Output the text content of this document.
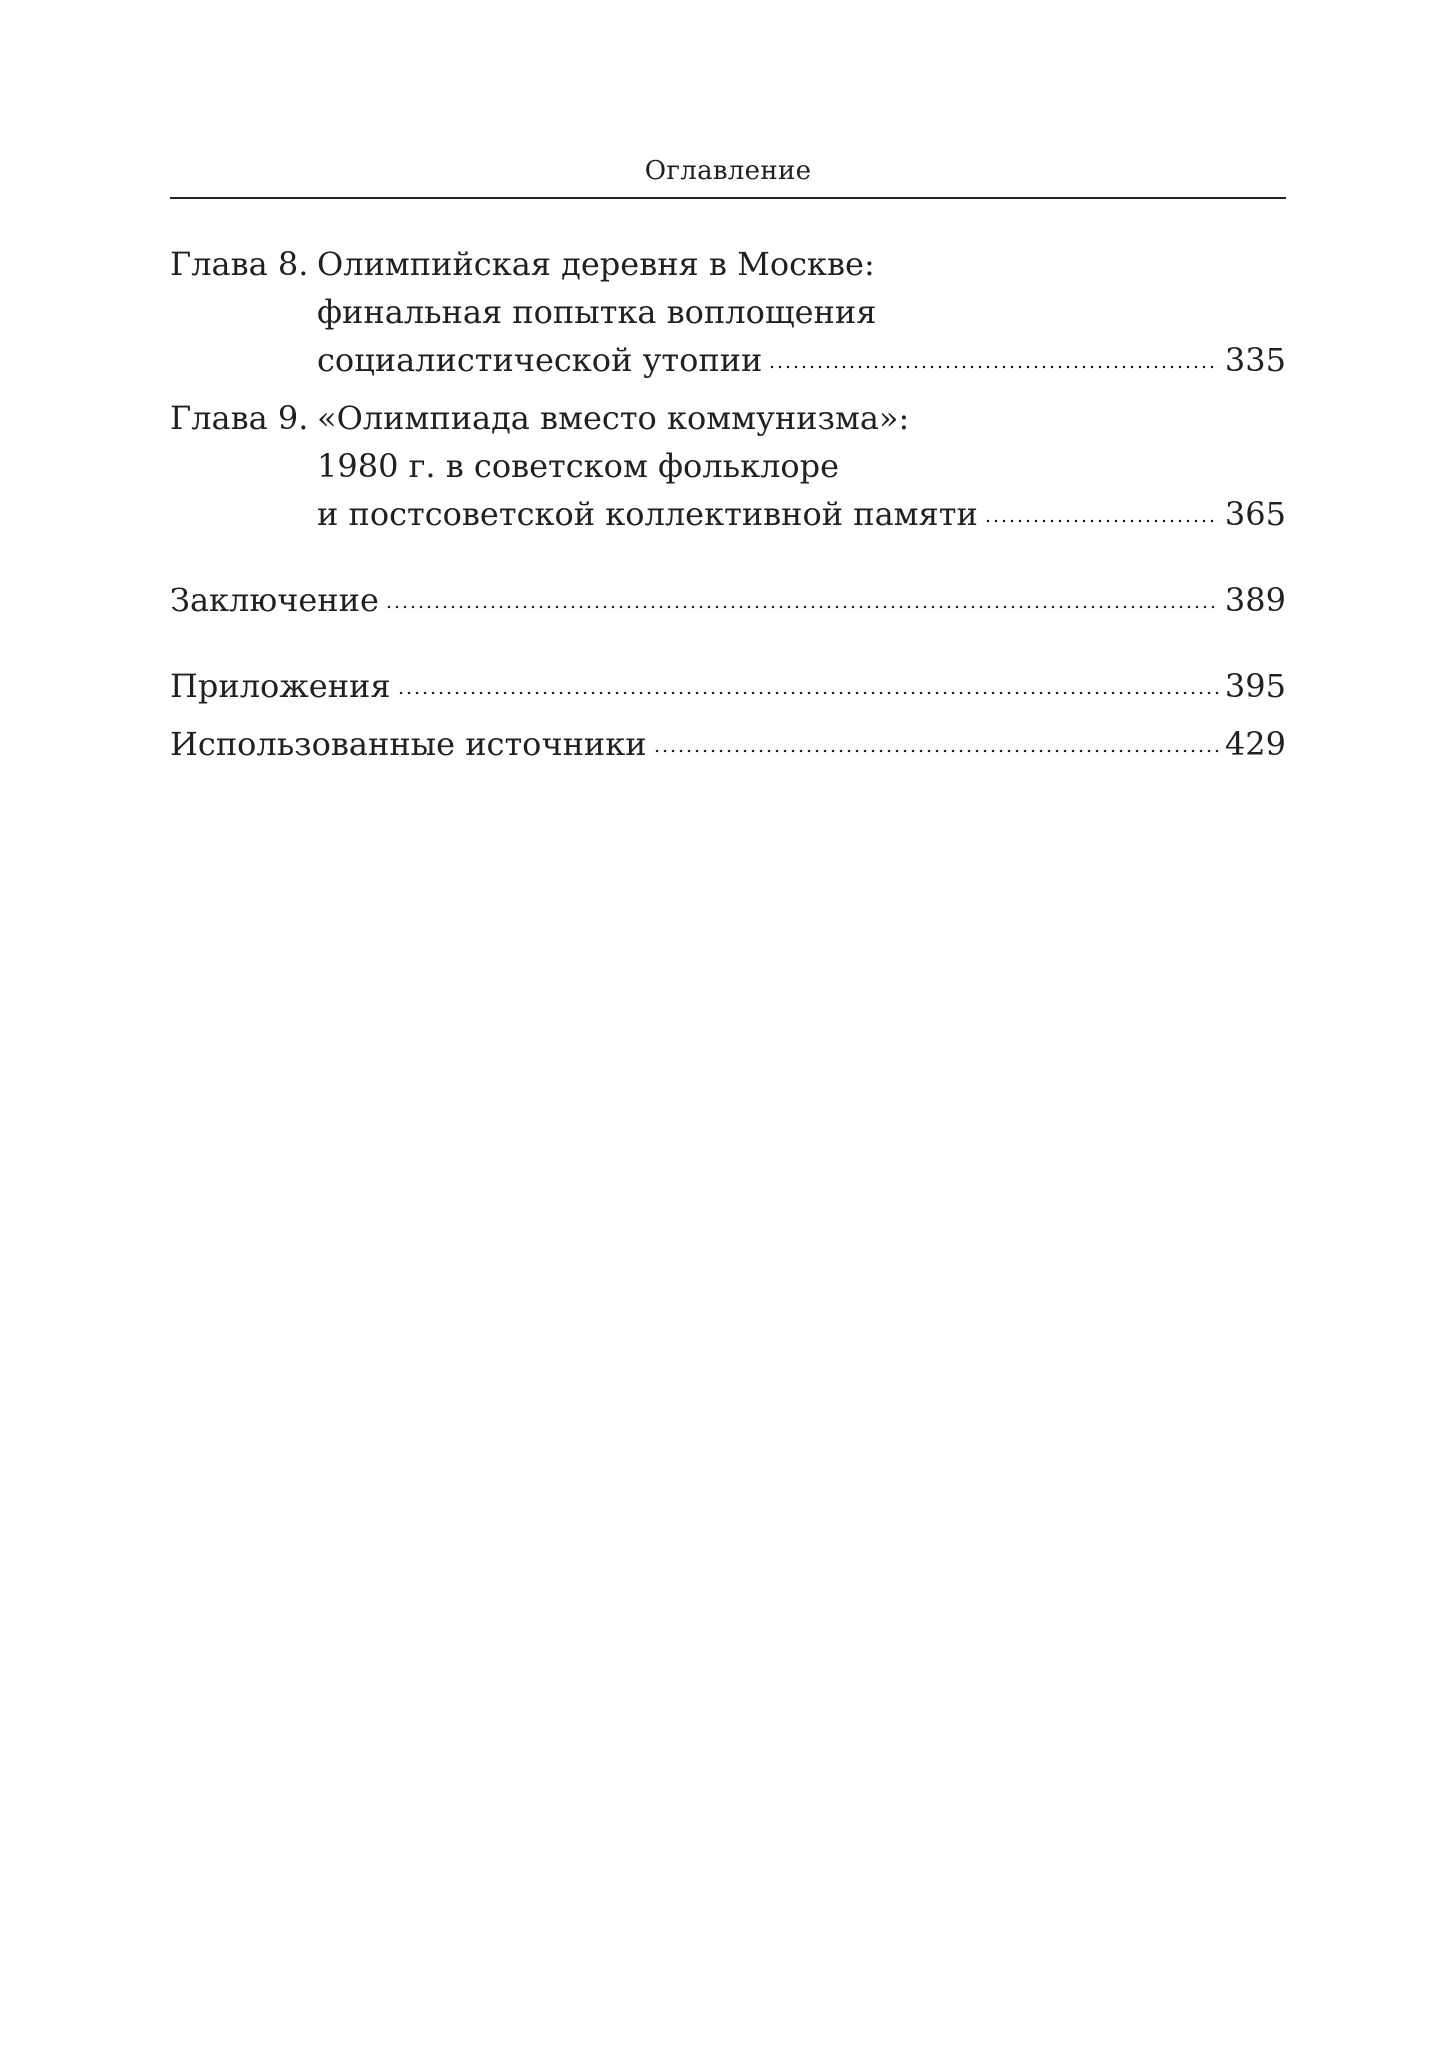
Оглавление
Глава 8. Олимпийская деревня в Москве:
финальная попытка воплощения
социалистической утопии	335
Глава 9. «Олимпиада вместо коммунизма»:
1980 г. в советском фольклоре
и постсоветской коллективной памяти	365
Заключение	389
Приложения	395
Использованные источники	429
